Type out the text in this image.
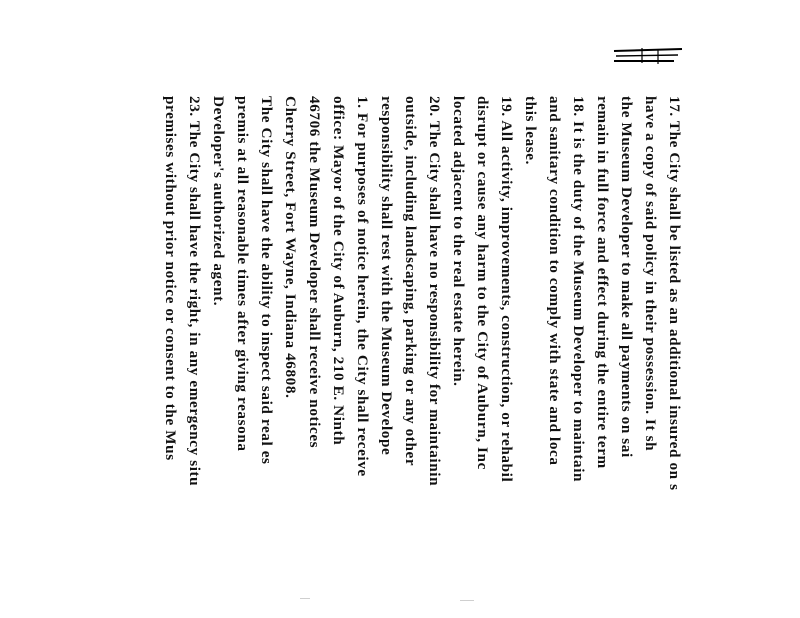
17. The City shall be listed as an additional insured on s
have a copy of said policy in their possession. It sh
the Museum Developer to make all payments on sai
remain in full force and effect during the entire term
18. It is the duty of the Museum Developer to maintain
and sanitary condition to comply with state and loca
this lease.
19. All activity, improvements, construction, or rehabil
disrupt or cause any harm to the City of Auburn, Inc
located adjacent to the real estate herein.
20. The City shall have no responsibility for maintainin
outside, including landscaping, parking or any other
responsibility shall rest with the Museum Develope
1. For purposes of notice herein, the City shall receive
office: Mayor of the City of Auburn, 210 E. Ninth
46706 the Museum Developer shall receive notices
Cherry Street, Fort Wayne, Indiana 46808.
The City shall have the ability to inspect said real es
premis at all reasonable times after giving reasona
Developer's authorized agent.
23. The City shall have the right, in any emergency situ
premises without prior notice or consent to the Mus
